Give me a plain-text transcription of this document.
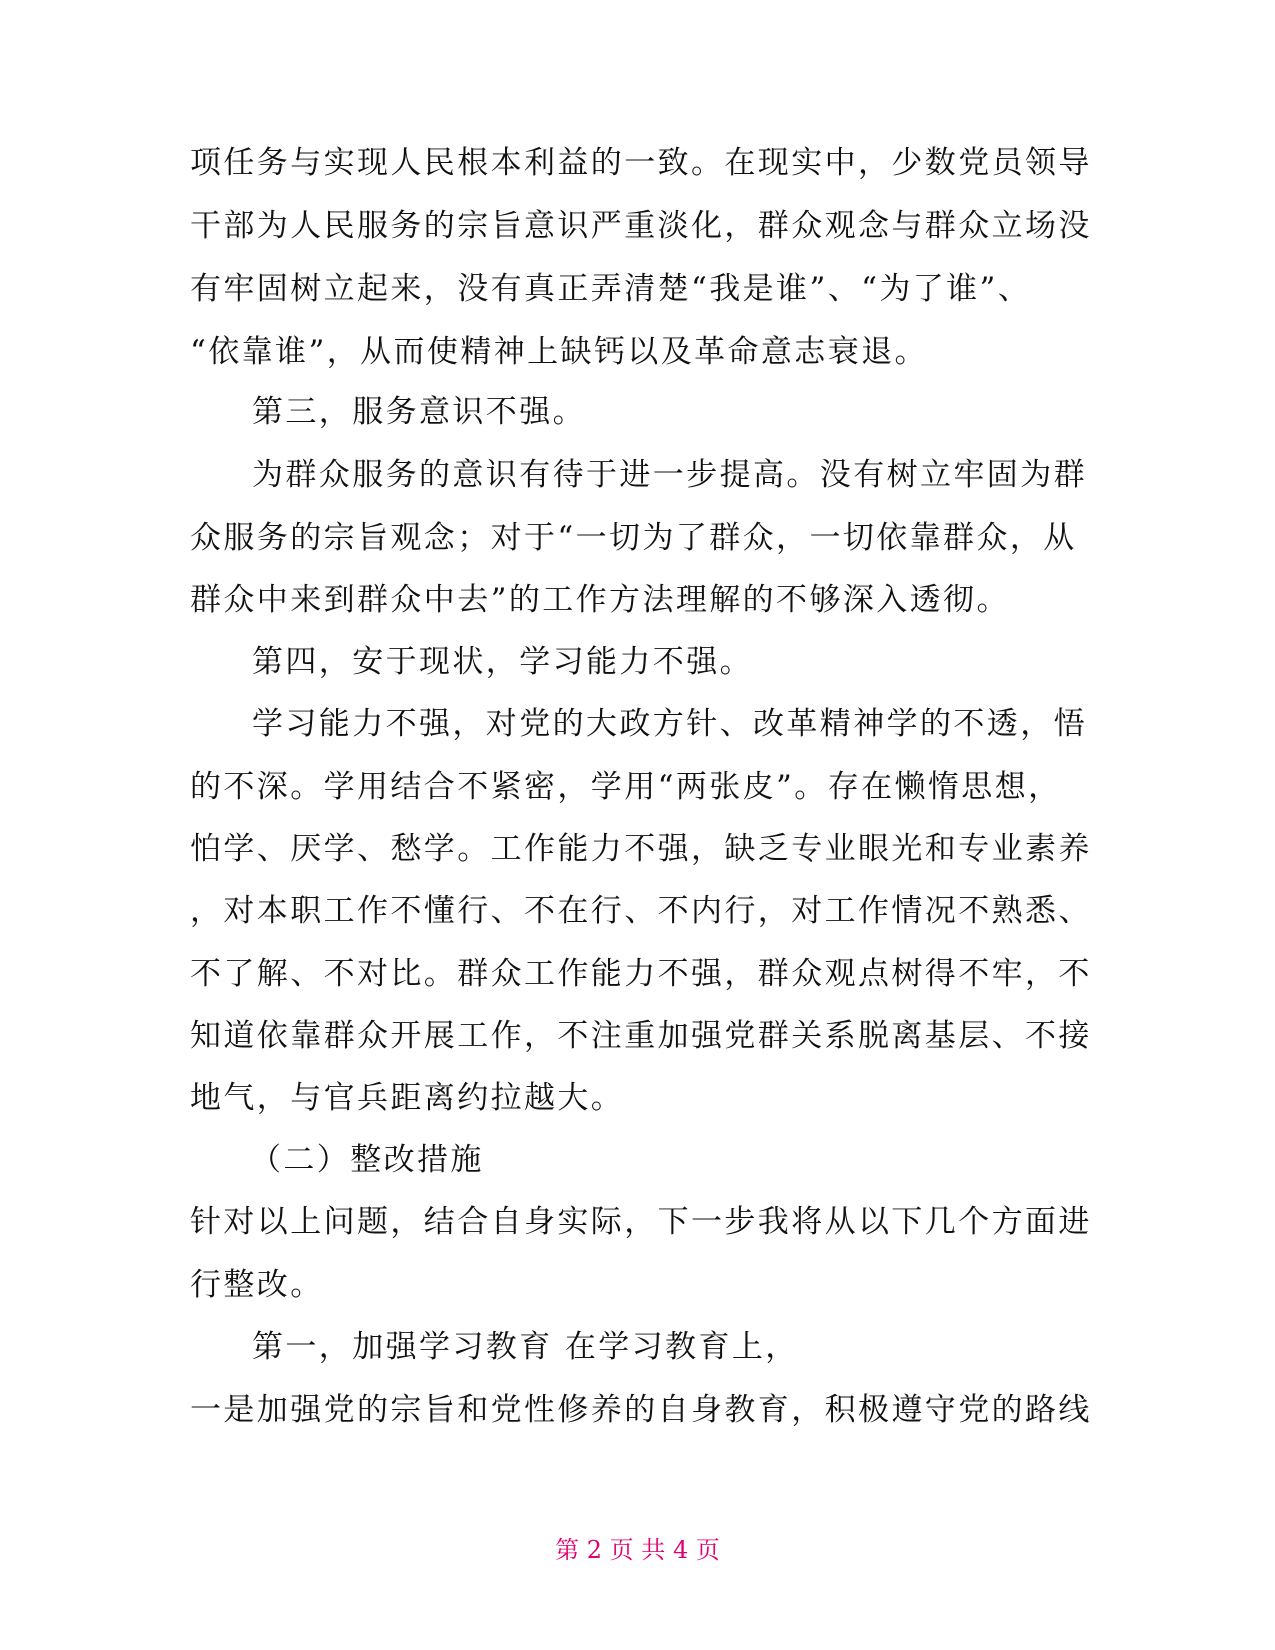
项任务与实现人民根本利益的一致。在现实中，少数党员领导
干部为人民服务的宗旨意识严重淡化，群众观念与群众立场没
有牢固树立起来，没有真正弄清楚“我是谁”、“为了谁”、
“依靠谁”，从而使精神上缺钙以及革命意志衰退。
第三，服务意识不强。
为群众服务的意识有待于进一步提高。没有树立牢固为群
众服务的宗旨观念；对于“一切为了群众，一切依靠群众，从
群众中来到群众中去”的工作方法理解的不够深入透彻。
第四，安于现状，学习能力不强。
学习能力不强，对党的大政方针、改革精神学的不透，悟
的不深。学用结合不紧密，学用“两张皮”。存在懒惰思想，
怕学、厌学、愁学。工作能力不强，缺乏专业眼光和专业素养
，对本职工作不懂行、不在行、不内行，对工作情况不熟悉、
不了解、不对比。群众工作能力不强，群众观点树得不牢，不
知道依靠群众开展工作，不注重加强党群关系脱离基层、不接
地气，与官兵距离约拉越大。
（二）整改措施
针对以上问题，结合自身实际，下一步我将从以下几个方面进
行整改。
第一，加强学习教育 在学习教育上，
一是加强党的宗旨和党性修养的自身教育，积极遵守党的路线
第 2 页 共 4 页
